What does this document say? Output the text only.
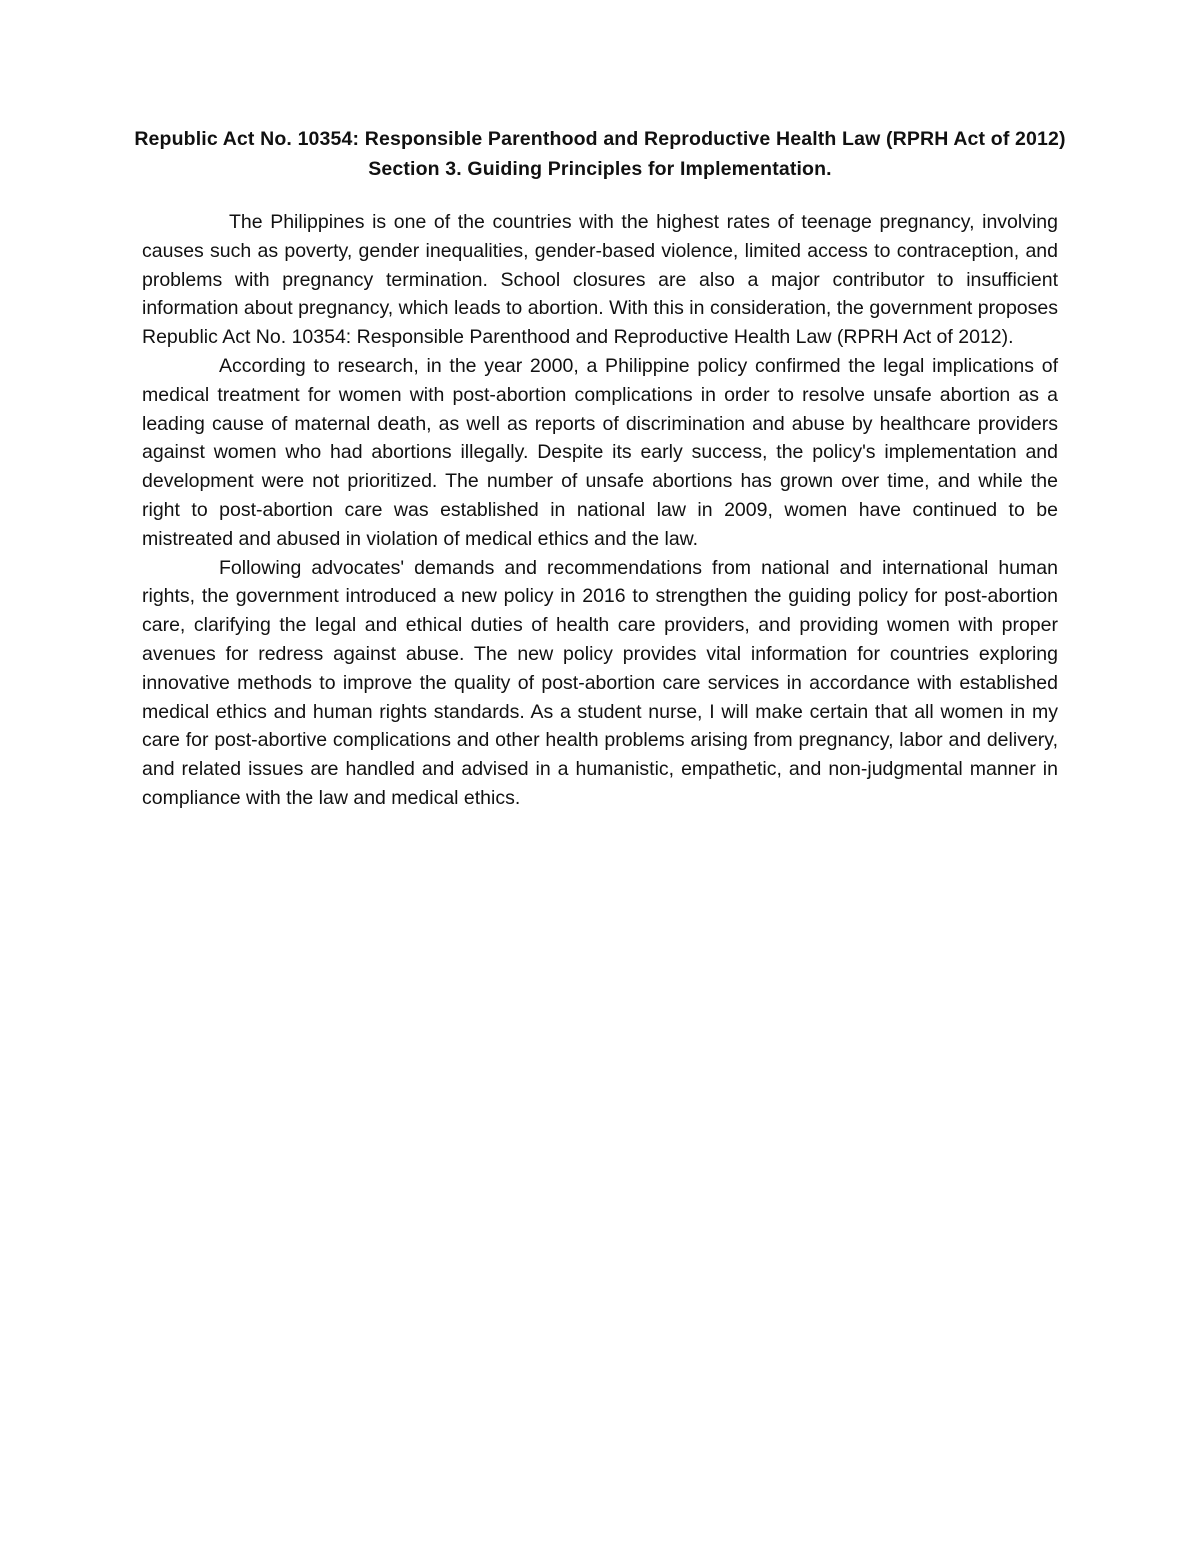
Republic Act No. 10354: Responsible Parenthood and Reproductive Health Law (RPRH Act of 2012) Section 3. Guiding Principles for Implementation.

The Philippines is one of the countries with the highest rates of teenage pregnancy, involving causes such as poverty, gender inequalities, gender-based violence, limited access to contraception, and problems with pregnancy termination. School closures are also a major contributor to insufficient information about pregnancy, which leads to abortion. With this in consideration, the government proposes Republic Act No. 10354: Responsible Parenthood and Reproductive Health Law (RPRH Act of 2012).

According to research, in the year 2000, a Philippine policy confirmed the legal implications of medical treatment for women with post-abortion complications in order to resolve unsafe abortion as a leading cause of maternal death, as well as reports of discrimination and abuse by healthcare providers against women who had abortions illegally. Despite its early success, the policy's implementation and development were not prioritized. The number of unsafe abortions has grown over time, and while the right to post-abortion care was established in national law in 2009, women have continued to be mistreated and abused in violation of medical ethics and the law.

Following advocates' demands and recommendations from national and international human rights, the government introduced a new policy in 2016 to strengthen the guiding policy for post-abortion care, clarifying the legal and ethical duties of health care providers, and providing women with proper avenues for redress against abuse. The new policy provides vital information for countries exploring innovative methods to improve the quality of post-abortion care services in accordance with established medical ethics and human rights standards. As a student nurse, I will make certain that all women in my care for post-abortive complications and other health problems arising from pregnancy, labor and delivery, and related issues are handled and advised in a humanistic, empathetic, and non-judgmental manner in compliance with the law and medical ethics.
